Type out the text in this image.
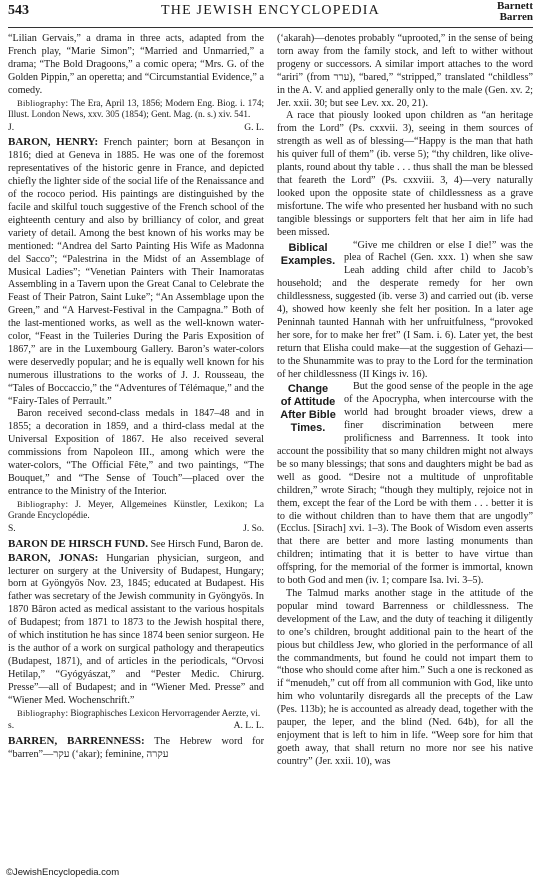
543	THE JEWISH ENCYCLOPEDIA	Barnett
Barren

“Lilian Gervais,” a drama in three acts, adapted from the French play, “Marie Simon”; “Married and Unmarried,” a drama; “The Bold Dragoons,” a comic opera; “Mrs. G. of the Golden Pippin,” an operetta; and “Circumstantial Evidence,” a comedy.

Bibliography: The Era, April 13, 1856; Modern Eng. Biog. i. 174; Illust. London News, xxv. 305 (1854); Gent. Mag. (n. s.) xiv. 541.

J.	G. L.

BARON, HENRY: French painter; born at Besançon in 1816; died at Geneva in 1885. He was one of the foremost representatives of the historic genre in France, and depicted chiefly the lighter side of the social life of the Renaissance and of the rococo period. His paintings are distinguished by the facile and skilful touch suggestive of the French school of the eighteenth century and also by brilliancy of color, and great variety of detail. Among the best known of his works may be mentioned: “Andrea del Sarto Painting His Wife as Madonna del Sacco”; “Palestrina in the Midst of an Assemblage of Musical Ladies”; “Venetian Painters with Their Inamoratas Assembling in a Tavern upon the Great Canal to Celebrate the Feast of Their Patron, Saint Luke”; “An Assemblage upon the Green,” and “A Harvest-Festival in the Campagna.” Both of the last-mentioned works, as well as the well-known water-color, “Feast in the Tuileries During the Paris Exposition of 1867,” are in the Luxembourg Gallery. Baron’s water-colors were deservedly popular; and he is equally well known for his numerous illustrations to the works of J. J. Rousseau, the “Tales of Boccaccio,” the “Adventures of Télémaque,” and the “Fairy-Tales of Perrault.”

Baron received second-class medals in 1847–48 and in 1855; a decoration in 1859, and a third-class medal at the Universal Exposition of 1867. He also received several commissions from Napoleon III., among which were the water-colors, “The Official Fête,” and two paintings, “The Bouquet,” and “The Sense of Touch”—placed over the entrance to the Ministry of the Interior.

Bibliography: J. Meyer, Allgemeines Künstler, Lexikon; La Grande Encyclopédie.

S.	J. So.

BARON DE HIRSCH FUND. See Hirsch Fund, Baron de.

BARON, JONAS: Hungarian physician, surgeon, and lecturer on surgery at the University of Budapest, Hungary; born at Gyöngyös Nov. 23, 1845; educated at Budapest. His father was secretary of the Jewish community in Gyöngyös. In 1870 Bâron acted as medical assistant to the various hospitals of Budapest; from 1871 to 1873 to the Jewish hospital there, of which institution he has since 1874 been senior surgeon. He is the author of a work on surgical pathology and therapeutics (Budapest, 1871), and of articles in the periodicals, “Orvosi Hetilap,” “Gyógyászat,” and “Pester Medic. Chirurg. Presse”—all of Budapest; and in “Wiener Med. Presse” and “Wiener Med. Wochenschrift.”

Bibliography: Biographisches Lexicon Hervorragender Aerzte, vi.

s.	A. L. L.

BARREN, BARRENNESS: The Hebrew word for “barren”—עקר (‘akar); feminine, עקרה

(‘akarah)—denotes probably “uprooted,” in the sense of being torn away from the family stock, and left to wither without progeny or successors. A similar import attaches to the word “ariri” (from ערר), “bared,” “stripped,” translated “childless” in the A. V. and applied generally only to the male (Gen. xv. 2; Jer. xxii. 30; but see Lev. xx. 20, 21).

A race that piously looked upon children as “an heritage from the Lord” (Ps. cxxvii. 3), seeing in them sources of strength as well as of blessing—“Happy is the man that hath his quiver full of them” (ib. verse 5); “thy children, like olive-plants, round about thy table . . . thus shall the man be blessed that feareth the Lord” (Ps. cxxviii. 3, 4)—very naturally looked upon the opposite state of childlessness as a grave misfortune. The wife who presented her husband with no such tangible blessings or supporters felt that her aim in life had been missed.

Biblical
Examples.

“Give me children or else I die!” was the plea of Rachel (Gen. xxx. 1) when she saw Leah adding child after child to Jacob’s household; and the desperate remedy for her own childlessness, suggested (ib. verse 3) and carried out (ib. verse 4), showed how keenly she felt her position. In a later age Peninnah taunted Hannah with her unfruitfulness, “provoked her sore, for to make her fret” (I Sam. i. 6). Later yet, the best return that Elisha could make—at the suggestion of Gehazi—to the Shunammite was to pray to the Lord for the termination of her childlessness (II Kings iv. 16).

Change
of Attitude
After Bible
Times.

But the good sense of the people in the age of the Apocrypha, when intercourse with the world had brought broader views, drew a finer discrimination between mere prolificness and Barrenness. It took into account the possibility that so many children might not always be so many blessings; that sons and daughters might be bad as well as good. “Desire not a multitude of unprofitable children,” wrote Sirach; “though they multiply, rejoice not in them, except the fear of the Lord be with them . . . better it is to die without children than to have them that are ungodly” (Ecclus. [Sirach] xvi. 1–3). The Book of Wisdom even asserts that there are better and more lasting monuments than children; intimating that it is better to have virtue than offspring, for the memorial of the former is immortal, known to both God and men (iv. 1; compare Isa. lvi. 3–5).

The Talmud marks another stage in the attitude of the popular mind toward Barrenness or childlessness. The development of the Law, and the duty of teaching it diligently to one’s children, brought additional pain to the heart of the pious but childless Jew, who gloried in the performance of all the commandments, but found he could not impart them to “those who should come after him.” Such a one is reckoned as if “menudeh,” cut off from all communion with God, like unto him who voluntarily disregards all the precepts of the Law (Pes. 113b); he is accounted as already dead, together with the pauper, the leper, and the blind (Ned. 64b), for all the enjoyment that is left to him in life. “Weep sore for him that goeth away, that shall return no more nor see his native country” (Jer. xxii. 10), was

©JewishEncyclopedia.com
